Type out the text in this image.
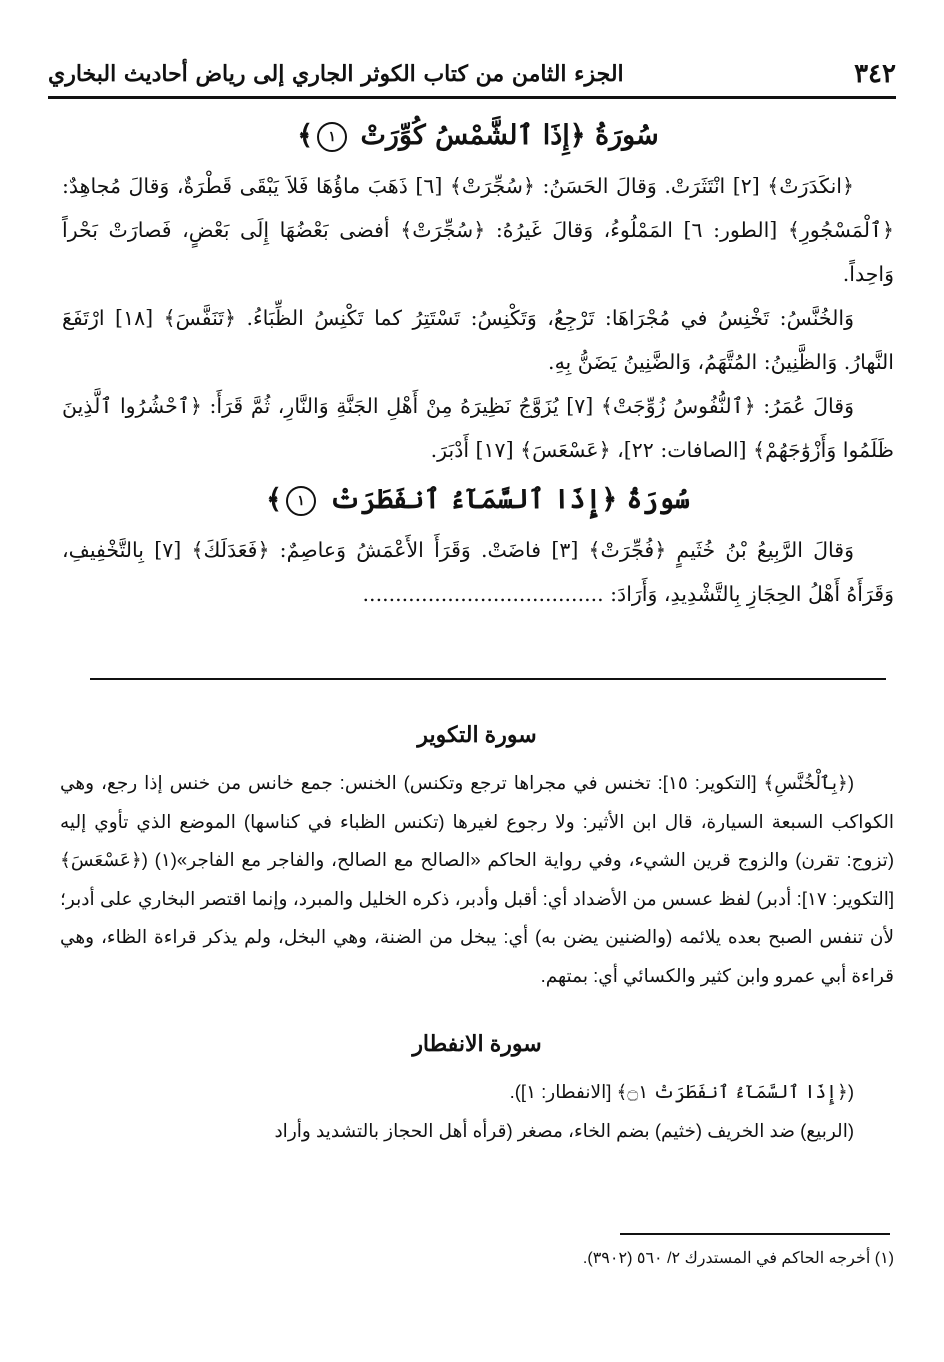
٣٤٢
الجزء الثامن من كتاب الكوثر الجاري إلى رياض أحاديث البخاري
سُورَةُ ﴿إِذَا ٱلشَّمْسُ كُوِّرَتْ ١﴾

﴿انكَدَرَتْ﴾ [٢] انْتَثَرَتْ. وَقالَ الحَسَنُ: ﴿سُجِّرَتْ﴾ [٦] ذَهَبَ ماؤُهَا فَلاَ يَبْقَى قَطْرَةٌ، وَقالَ مُجاهِدٌ: ﴿ٱلْمَسْجُورِ﴾ [الطور: ٦] المَمْلُوءُ، وَقالَ غَيرُهُ: ﴿سُجِّرَتْ﴾ أفضى بَعْضُهَا إِلَى بَعْضٍ، فَصارَتْ بَحْراً وَاحِداً.

وَالخُنَّسُ: تَخْنِسُ في مُجْرَاهَا: تَرْجِعُ، وَتَكْنِسُ: تَسْتَتِرُ كما تَكْنِسُ الظِّبَاءُ. ﴿تَنَفَّسَ﴾ [١٨] ارْتَفَعَ النَّهارُ. وَالظَّنِينُ: المُتَّهَمُ، وَالضَّنِينُ يَضَنُّ بِهِ.

وَقالَ عُمَرُ: ﴿ٱلنُّفُوسُ زُوِّجَتْ﴾ [٧] يُزَوَّجُ نَظِيرَهُ مِنْ أَهْلِ الجَنَّةِ وَالنَّارِ، ثُمَّ قَرَأَ: ﴿ٱحْشُرُوا ٱلَّذِينَ ظَلَمُوا وَأَزْوَٰجَهُمْ﴾ [الصافات: ٢٢]، ﴿عَسْعَسَ﴾ [١٧] أَدْبَرَ.

سُورَةُ ﴿إِذَا ٱلسَّمَآءُ ٱنفَطَرَتْ ١﴾

وَقالَ الرَّبِيعُ بْنُ خُثَيمٍ ﴿فُجِّرَتْ﴾ [٣] فاضَتْ. وَقَرَأَ الأَعْمَشُ وَعاصِمٌ: ﴿فَعَدَلَكَ﴾ [٧] بِالتَّخْفِيفِ، وَقَرَأَهُ أَهْلُ الحِجَازِ بِالتَّشْدِيدِ، وَأَرَادَ: .....................................

سورة التكوير

(﴿بِٱلْخُنَّسِ﴾ [التكوير: ١٥]: تخنس في مجراها ترجع وتكنس) الخنس: جمع خانس من خنس إذا رجع، وهي الكواكب السبعة السيارة، قال ابن الأثير: ولا رجوع لغيرها (تكنس الظباء في كناسها) الموضع الذي تأوي إليه (تزوج: تقرن) والزوج قرين الشيء، وفي رواية الحاكم «الصالح مع الصالح، والفاجر مع الفاجر»(١) (﴿عَسْعَسَ﴾ [التكوير: ١٧]: أدبر) لفظ عسس من الأضداد أي: أقبل وأدبر، ذكره الخليل والمبرد، وإنما اقتصر البخاري على أدبر؛ لأن تنفس الصبح بعده يلائمه (والضنين يضن به) أي: يبخل من الضنة، وهي البخل، ولم يذكر قراءة الظاء، وهي قراءة أبي عمرو وابن كثير والكسائي أي: بمتهم.

سورة الانفطار

(﴿إِذَا ٱلسَّمَآءُ ٱنفَطَرَتْ ۝١﴾ [الانفطار: ١]).

(الربيع) ضد الخريف (خثيم) بضم الخاء، مصغر (قرأه أهل الحجاز بالتشديد وأراد

(١) أخرجه الحاكم في المستدرك ٢/ ٥٦٠ (٣٩٠٢).
